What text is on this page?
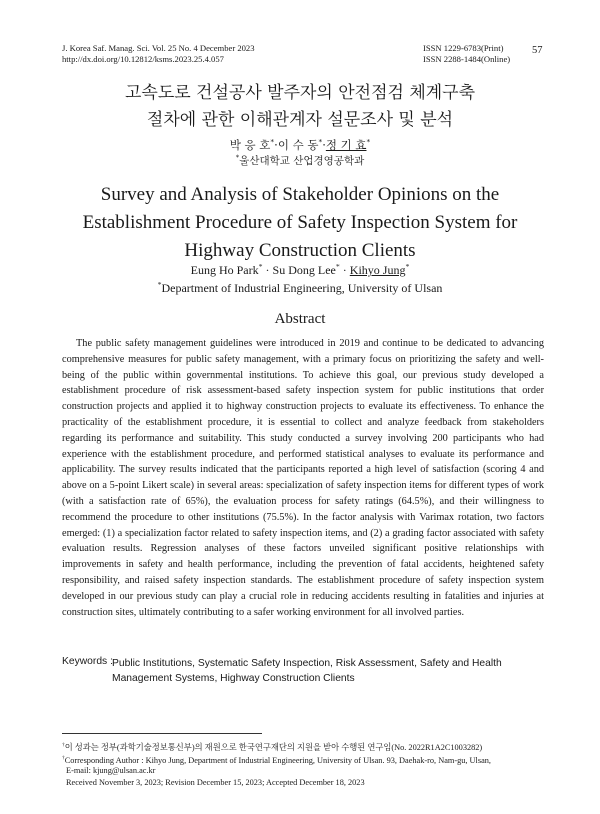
J. Korea Saf. Manag. Sci. Vol. 25 No. 4 December 2023
http://dx.doi.org/10.12812/ksms.2023.25.4.057
ISSN 1229-6783(Print)
ISSN 2288-1484(Online)
57
고속도로 건설공사 발주자의 안전점검 체계구축
절차에 관한 이해관계자 설문조사 및 분석
박 응 호*·이 수 동*·정 기 효*
*울산대학교 산업경영공학과
Survey and Analysis of Stakeholder Opinions on the
Establishment Procedure of Safety Inspection System for
Highway Construction Clients
Eung Ho Park* · Su Dong Lee* · Kihyo Jung*
*Department of Industrial Engineering, University of Ulsan
Abstract

The public safety management guidelines were introduced in 2019 and continue to be dedicated to advancing comprehensive measures for public safety management, with a primary focus on prioritizing the safety and well-being of the public within governmental institutions. To achieve this goal, our previous study developed a establishment procedure of risk assessment-based safety inspection system for public institutions that order construction projects and applied it to highway construction projects to evaluate its effectiveness. To enhance the practicality of the establishment procedure, it is essential to collect and analyze feedback from stakeholders regarding its performance and suitability. This study conducted a survey involving 200 participants who had experience with the establishment procedure, and performed statistical analyses to evaluate its performance and applicability. The survey results indicated that the participants reported a high level of satisfaction (scoring 4 and above on a 5-point Likert scale) in several areas: specialization of safety inspection items for different types of work (with a satisfaction rate of 65%), the evaluation process for safety ratings (64.5%), and their willingness to recommend the procedure to other institutions (75.5%). In the factor analysis with Varimax rotation, two factors emerged: (1) a specialization factor related to safety inspection items, and (2) a grading factor associated with safety evaluation results. Regression analyses of these factors unveiled significant positive relationships with improvements in safety and health performance, including the prevention of fatal accidents, heightened safety responsibility, and raised safety inspection standards. The establishment procedure of safety inspection system developed in our previous study can play a crucial role in reducing accidents resulting in fatalities and injuries at construction sites, ultimately contributing to a safer working environment for all involved parties.

Keywords : Public Institutions, Systematic Safety Inspection, Risk Assessment, Safety and Health Management Systems, Highway Construction Clients
†이 성과는 정부(과학기술정보통신부)의 재원으로 한국연구재단의 지원을 받아 수행된 연구임(No. 2022R1A2C1003282)
†Corresponding Author : Kihyo Jung, Department of Industrial Engineering, University of Ulsan. 93, Daehak-ro, Nam-gu, Ulsan,
E-mail: kjung@ulsan.ac.kr
Received November 3, 2023; Revision December 15, 2023; Accepted December 18, 2023
